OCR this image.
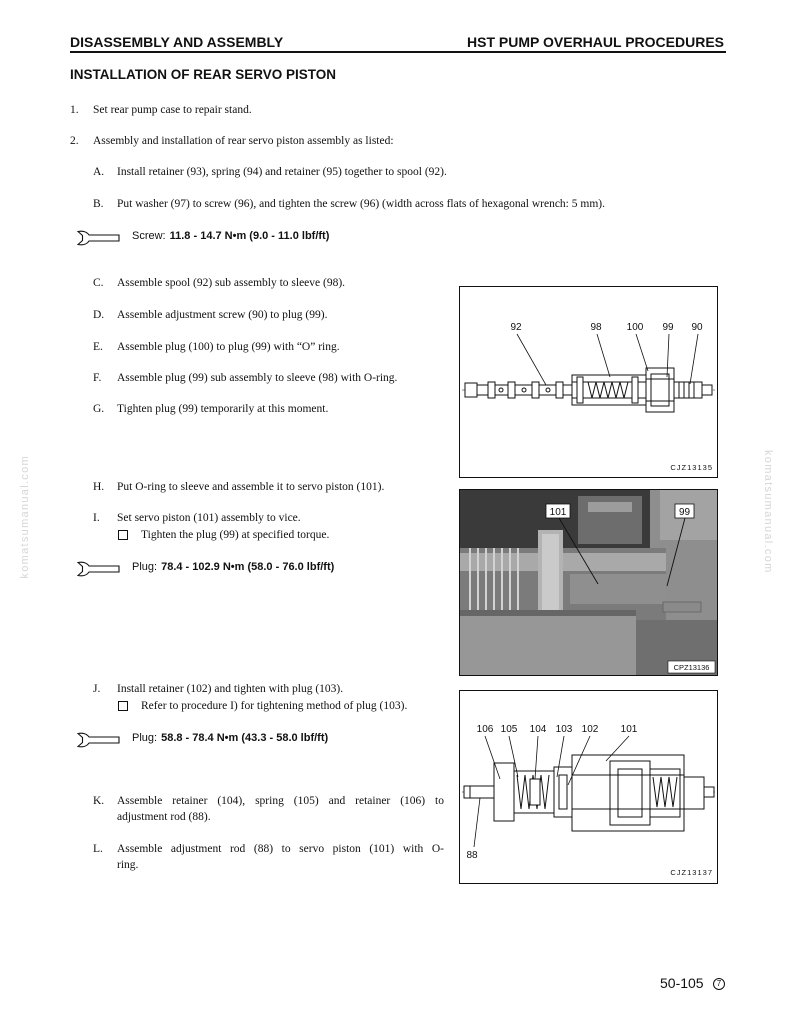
DISASSEMBLY AND ASSEMBLY	HST PUMP OVERHAUL PROCEDURES
INSTALLATION OF REAR SERVO PISTON
1. Set rear pump case to repair stand.
2. Assembly and installation of rear servo piston assembly as listed:
A. Install retainer (93), spring (94) and retainer (95) together to spool (92).
B. Put washer (97) to screw (96), and tighten the screw (96) (width across flats of hexagonal wrench: 5 mm).
Screw: 11.8 - 14.7 N•m (9.0 - 11.0 lbf/ft)
C. Assemble spool (92) sub assembly to sleeve (98).
D. Assemble adjustment screw (90) to plug (99).
E. Assemble plug (100) to plug (99) with “O” ring.
F. Assemble plug (99) sub assembly to sleeve (98) with O-ring.
G. Tighten plug (99) temporarily at this moment.
92	98	100 99 90
CJZ13135
H. Put O-ring to sleeve and assemble it to servo piston (101).
I. Set servo piston (101) assembly to vice.
Tighten the plug (99) at specified torque.
Plug: 78.4 - 102.9 N•m (58.0 - 76.0 lbf/ft)
101	99
CPZ13136
J. Install retainer (102) and tighten with plug (103).
Refer to procedure I) for tightening method of plug (103).
Plug: 58.8 - 78.4 N•m (43.3 - 58.0 lbf/ft)
K. Assemble retainer (104), spring (105) and retainer (106) to
adjustment rod (88).
L. Assemble adjustment rod (88) to servo piston (101) with O-
ring.
106 105 104 103 102 101
88
CJZ13137
50-105	7
komatsumanual.com	komatsumanual.com
